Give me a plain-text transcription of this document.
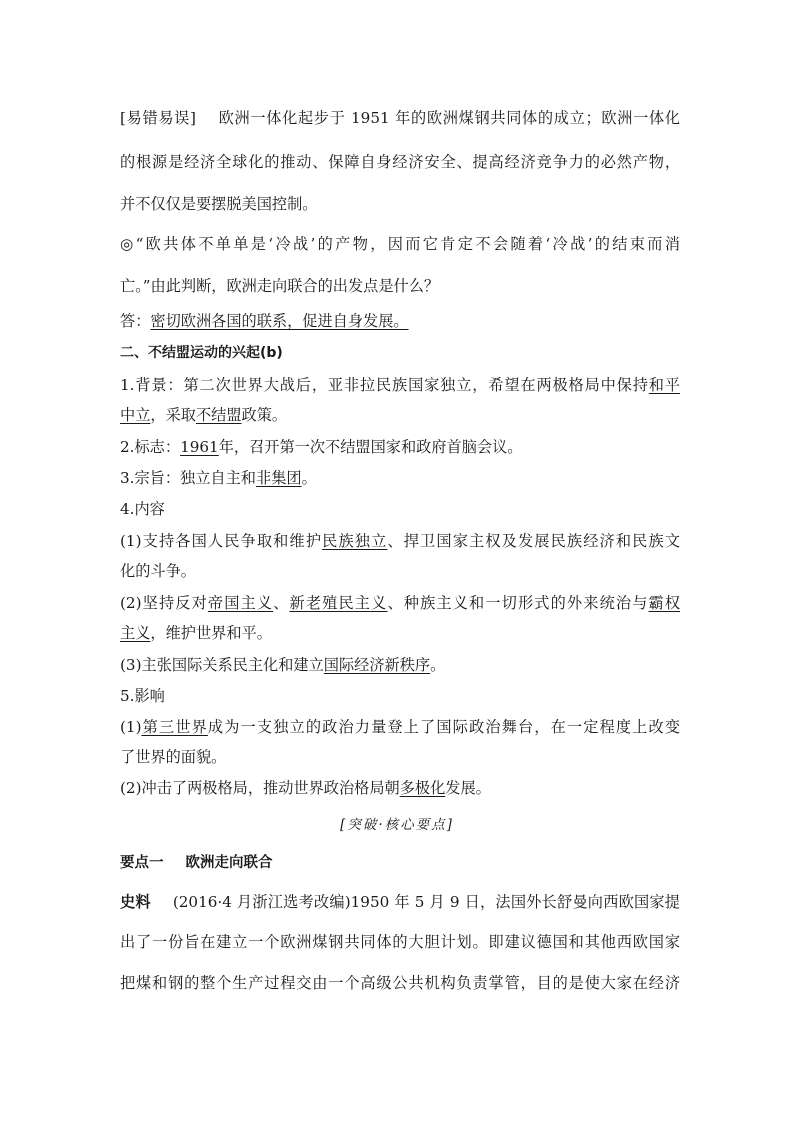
[易错易误] 欧洲一体化起步于 1951 年的欧洲煤钢共同体的成立；欧洲一体化
的根源是经济全球化的推动、保障自身经济安全、提高经济竞争力的必然产物，
并不仅仅是要摆脱美国控制。
◎“欧共体不单单是‘冷战’的产物，因而它肯定不会随着‘冷战’的结束而消
亡。”由此判断，欧洲走向联合的出发点是什么？
答：密切欧洲各国的联系，促进自身发展。
二、不结盟运动的兴起(b)
1.背景：第二次世界大战后，亚非拉民族国家独立，希望在两极格局中保持和平
中立，采取不结盟政策。
2.标志：1961年，召开第一次不结盟国家和政府首脑会议。
3.宗旨：独立自主和非集团。
4.内容
(1)支持各国人民争取和维护民族独立、捍卫国家主权及发展民族经济和民族文
化的斗争。
(2)坚持反对帝国主义、新老殖民主义、种族主义和一切形式的外来统治与霸权
主义，维护世界和平。
(3)主张国际关系民主化和建立国际经济新秩序。
5.影响
(1)第三世界成为一支独立的政治力量登上了国际政治舞台，在一定程度上改变
了世界的面貌。
(2)冲击了两极格局，推动世界政治格局朝多极化发展。
[突破·核心要点]
要点一 欧洲走向联合
史料 (2016·4 月浙江选考改编)1950 年 5 月 9 日，法国外长舒曼向西欧国家提
出了一份旨在建立一个欧洲煤钢共同体的大胆计划。即建议德国和其他西欧国家
把煤和钢的整个生产过程交由一个高级公共机构负责掌管，目的是使大家在经济
